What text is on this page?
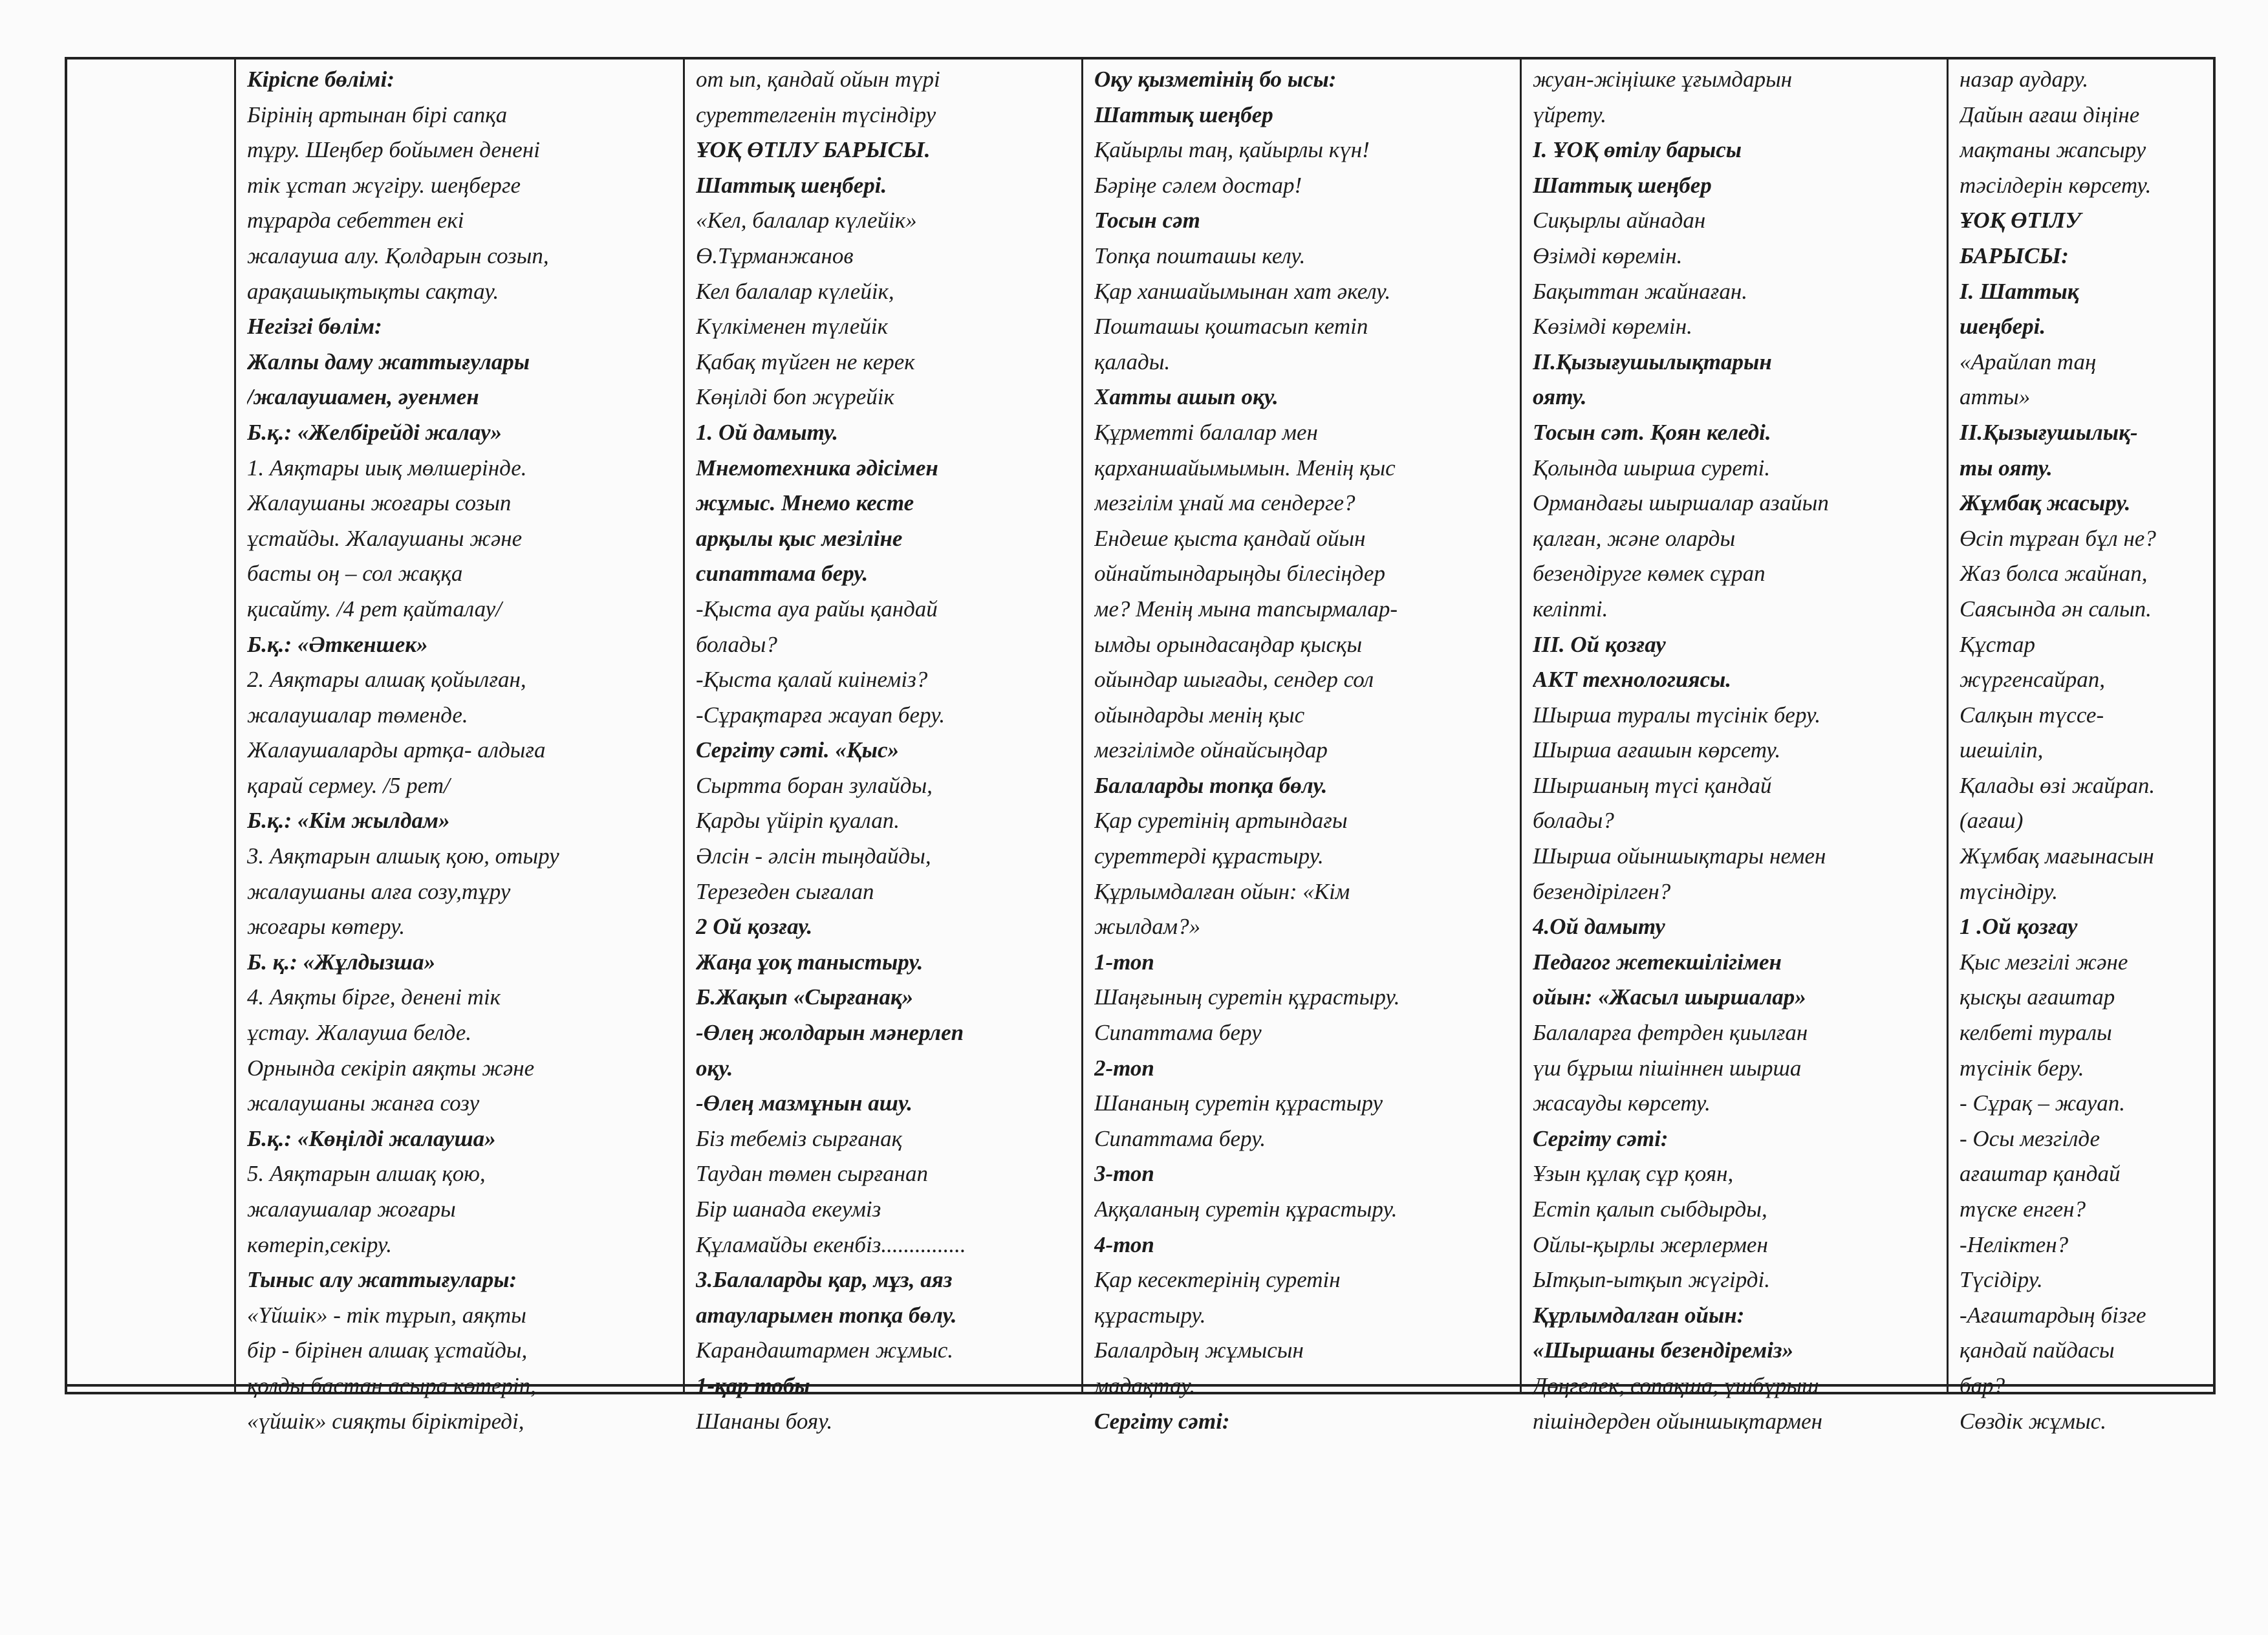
Кіріспе бөлімі:
Бірінің артынан бірі сапқа
тұру. Шеңбер бойымен денені
тік ұстап жүгіру. шеңберге
тұрарда себеттен екі
жалауша алу. Қолдарын созып,
арақашықтықты сақтау.
Негізгі бөлім:
Жалпы даму жаттығулары
/жалаушамен, әуенмен
Б.қ.: «Желбірейді жалау»
1. Аяқтары иық мөлшерінде.
Жалаушаны жоғары созып
ұстайды. Жалаушаны және
басты оң – сол жаққа
қисайту. /4 рет қайталау/
Б.қ.: «Әткеншек»
2. Аяқтары алшақ қойылған,
жалаушалар төменде.
Жалаушаларды артқа- алдыға
қарай сермеу. /5 рет/
Б.қ.: «Кім жылдам»
3. Аяқтарын алшық қою, отыру
жалаушаны алға созу,тұру
жоғары көтеру.
Б. қ.: «Жұлдызша»
4. Аяқты бірге, денені тік
ұстау. Жалауша белде.
Орнында секіріп аяқты және
жалаушаны жанға созу
Б.қ.: «Көңілді жалауша»
5. Аяқтарын алшақ қою,
жалаушалар жоғары
көтеріп,секіру.
Тыныс алу жаттығулары:
«Үйшік» - тік тұрып, аяқты
бір - бірінен алшақ ұстайды,
қолды бастан асыра көтеріп,
«үйшік» сияқты біріктіреді,
от ып, қандай ойын түрі
суреттелгенін түсіндіру
ҰОҚ ӨТІЛУ БАРЫСЫ.
Шаттық шеңбері.
«Кел, балалар күлейік»
Ө.Тұрманжанов
Кел балалар күлейік,
Күлкіменен түлейік
Қабақ түйген не керек
Көңілді боп жүрейік
1. Ой дамыту.
Мнемотехника әдісімен
жұмыс. Мнемо кесте
арқылы қыс мезіліне
сипаттама беру.
-Қыста ауа райы қандай
болады?
-Қыста қалай киінеміз?
-Сұрақтарға жауап беру.
Сергіту сәті. «Қыс»
Сыртта боран зулайды,
Қарды үйіріп қуалап.
Әлсін - әлсін тыңдайды,
Терезеден сығалап
2 Ой қозғау.
Жаңа ұоқ таныстыру.
Б.Жақып «Сырғанақ»
-Өлең жолдарын мәнерлеп
оқу.
-Өлең мазмұнын ашу.
Біз тебеміз сырғанақ
Таудан төмен сырғанап
Бір шанада екеуміз
Құламайды екенбіз...............
3.Балаларды қар, мұз, аяз
атауларымен топқа бөлу.
Карандаштармен жұмыс.
1-қар тобы
Шананы бояу.
Оқу қызметінің бо ысы:
Шаттық шеңбер
Қайырлы таң, қайырлы күн!
Бәріңе сәлем достар!
Тосын сәт
Топқа пошташы келу.
Қар ханшайымынан хат әкелу.
Пошташы қоштасып кетіп
қалады.
Хатты ашып оқу.
Құрметті балалар мен
қарханшайымымын. Менің қыс
мезгілім ұнай ма сендерге?
Ендеше қыста қандай ойын
ойнайтындарыңды білесіңдер
ме? Менің мына тапсырмалар-
ымды орындасаңдар қысқы
ойындар шығады, сендер сол
ойындарды менің қыс
мезгілімде ойнайсыңдар
Балаларды топқа бөлу.
Қар суретінің артындағы
суреттерді құрастыру.
Құрлымдалған ойын: «Кім
жылдам?»
1-топ
Шаңғының суретін құрастыру.
Сипаттама беру
2-топ
Шананың суретін құрастыру
Сипаттама беру.
3-топ
Аққаланың суретін құрастыру.
4-топ
Қар кесектерінің суретін
құрастыру.
Балалрдың жұмысын
мадақтау.
Сергіту сәті:
жуан-жіңішке ұғымдарын
үйрету.
І. ҰОҚ өтілу барысы
Шаттық шеңбер
Сиқырлы айнадан
Өзімді көремін.
Бақыттан жайнаған.
Көзімді көремін.
ІІ.Қызығушылықтарын
ояту.
Тосын сәт. Қоян келеді.
Қолында шырша суреті.
Ормандағы шыршалар азайып
қалған, және оларды
безендіруге көмек сұрап
келіпті.
ІІІ. Ой қозғау
АКТ технологиясы.
Шырша туралы түсінік беру.
Шырша ағашын көрсету.
Шыршаның түсі қандай
болады?
Шырша ойыншықтары немен
безендірілген?
4.Ой дамыту
Педагог жетекшілігімен
ойын: «Жасыл шыршалар»
Балаларға фетрден қиылған
үш бұрыш пішіннен шырша
жасауды көрсету.
Сергіту сәті:
Ұзын құлақ сұр қоян,
Естіп қалып сыбдырды,
Ойлы-қырлы жерлермен
Ытқып-ытқып жүгірді.
Құрлымдалған ойын:
«Шыршаны безендіреміз»
Дөңгелек, сопақша, үшбұрыш
пішіндерден ойыншықтармен
назар аудару.
Дайын ағаш діңіне
мақтаны жапсыру
тәсілдерін көрсету.
ҰОҚ ӨТІЛУ
БАРЫСЫ:
І. Шаттық
шеңбері.
«Арайлап таң
атты»
ІІ.Қызығушылық-
ты ояту.
Жұмбақ жасыру.
Өсіп тұрған бұл не?
Жаз болса жайнап,
Саясында ән салып.
Құстар
жүргенсайрап,
Салқын түссе-
шешіліп,
Қалады өзі жайрап.
(ағаш)
Жұмбақ мағынасын
түсіндіру.
1 .Ой қозғау
Қыс мезгілі және
қысқы ағаштар
келбеті туралы
түсінік беру.
- Сұрақ – жауап.
- Осы мезгілде
ағаштар қандай
түске енген?
-Неліктен?
Түсідіру.
-Ағаштардың бізге
қандай пайдасы
бар?
Сөздік жұмыс.
